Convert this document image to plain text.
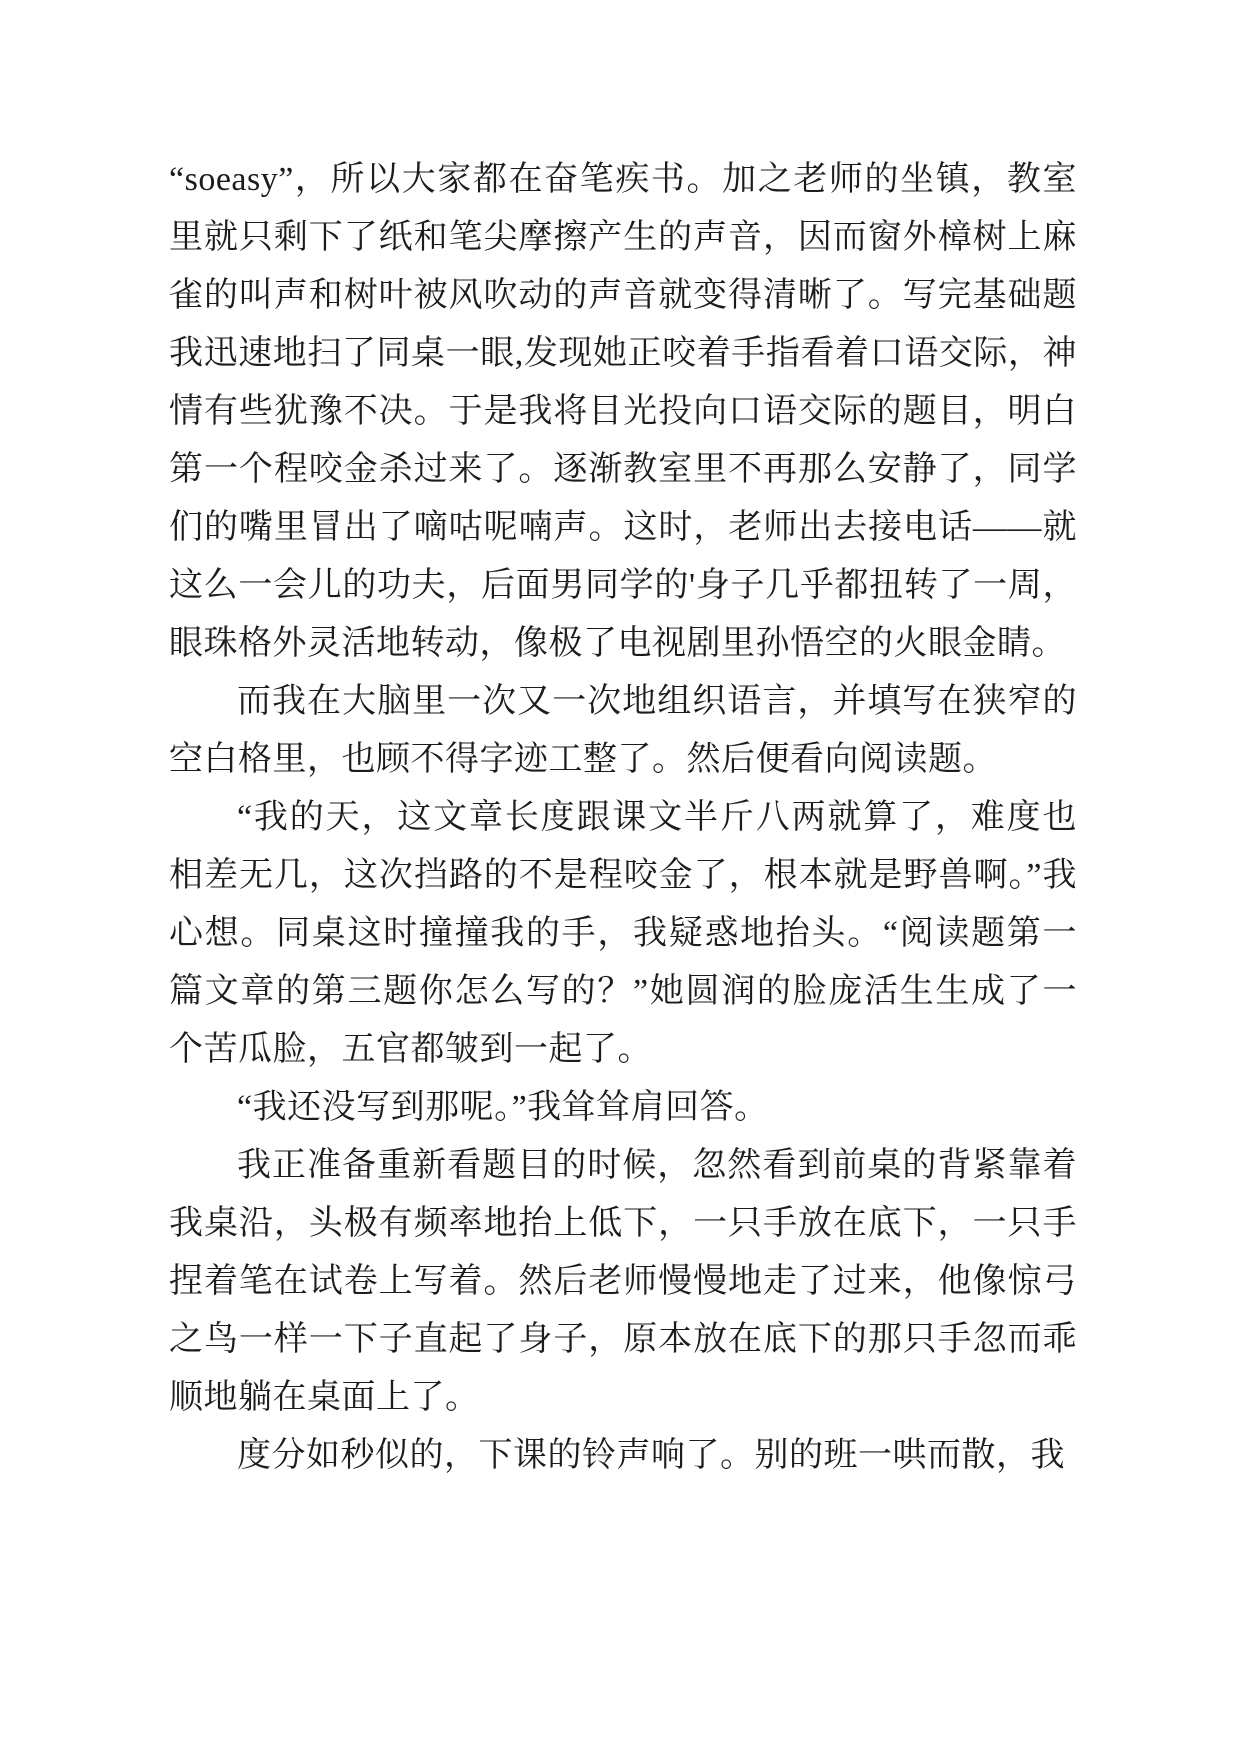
“soeasy”，所以大家都在奋笔疾书。加之老师的坐镇，教室里就只剩下了纸和笔尖摩擦产生的声音，因而窗外樟树上麻雀的叫声和树叶被风吹动的声音就变得清晰了。写完基础题我迅速地扫了同桌一眼,发现她正咬着手指看着口语交际，神情有些犹豫不决。于是我将目光投向口语交际的题目，明白第一个程咬金杀过来了。逐渐教室里不再那么安静了，同学们的嘴里冒出了嘀咕呢喃声。这时，老师出去接电话——就这么一会儿的功夫，后面男同学的'身子几乎都扭转了一周，眼珠格外灵活地转动，像极了电视剧里孙悟空的火眼金睛。

而我在大脑里一次又一次地组织语言，并填写在狭窄的空白格里，也顾不得字迹工整了。然后便看向阅读题。

“我的天，这文章长度跟课文半斤八两就算了，难度也相差无几，这次挡路的不是程咬金了，根本就是野兽啊。”我心想。同桌这时撞撞我的手，我疑惑地抬头。“阅读题第一篇文章的第三题你怎么写的？”她圆润的脸庞活生生成了一个苦瓜脸，五官都皱到一起了。

“我还没写到那呢。”我耸耸肩回答。

我正准备重新看题目的时候，忽然看到前桌的背紧靠着我桌沿，头极有频率地抬上低下，一只手放在底下，一只手捏着笔在试卷上写着。然后老师慢慢地走了过来，他像惊弓之鸟一样一下子直起了身子，原本放在底下的那只手忽而乖顺地躺在桌面上了。

度分如秒似的，下课的铃声响了。别的班一哄而散，我
